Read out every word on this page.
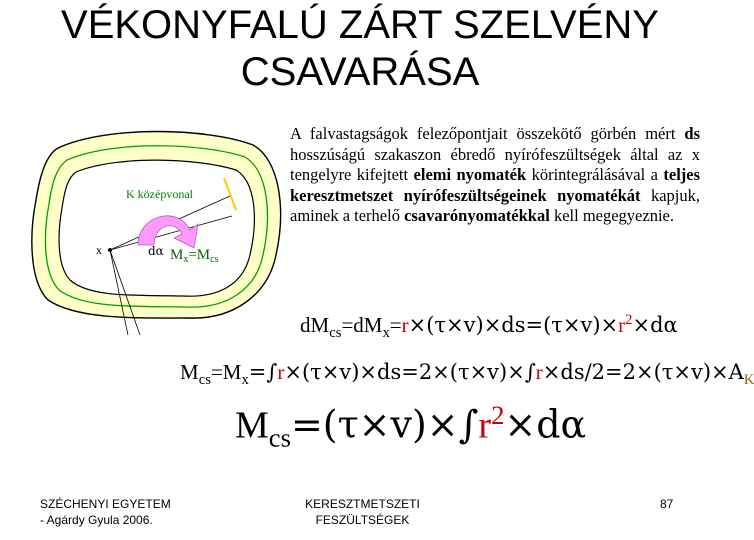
VÉKONYFALÚ ZÁRT SZELVÉNY
CSAVARÁSA
K középvonal
x	dα $M_x=M_{cs}$
A falvastagságok felezőpontjait összekötő görbén mért ds hosszúságú szakaszon ébredő nyírófeszültségek által az x tengelyre kifejtett elemi nyomaték körintegrálásával a teljes keresztmetszet nyírófeszültségeinek nyomatékát kapjuk, aminek a terhelő csavarónyomatékkal kell megegyeznie.
$dM_{cs}=dM_x=r\times(\tau\times v)\times ds=(\tau\times v)\times r^2\times d\alpha$
$M_{cs}=M_x=\int r\times(\tau\times v)\times ds=2\times(\tau\times v)\times\int r\times ds/2=2\times(\tau\times v)\times A_K$
$M_{cs}=(\tau\times v)\times\int r^2\times d\alpha$
SZÉCHENYI EGYETEM
- Agárdy Gyula 2006.
KERESZTMETSZETI
FESZÜLTSÉGEK
87
